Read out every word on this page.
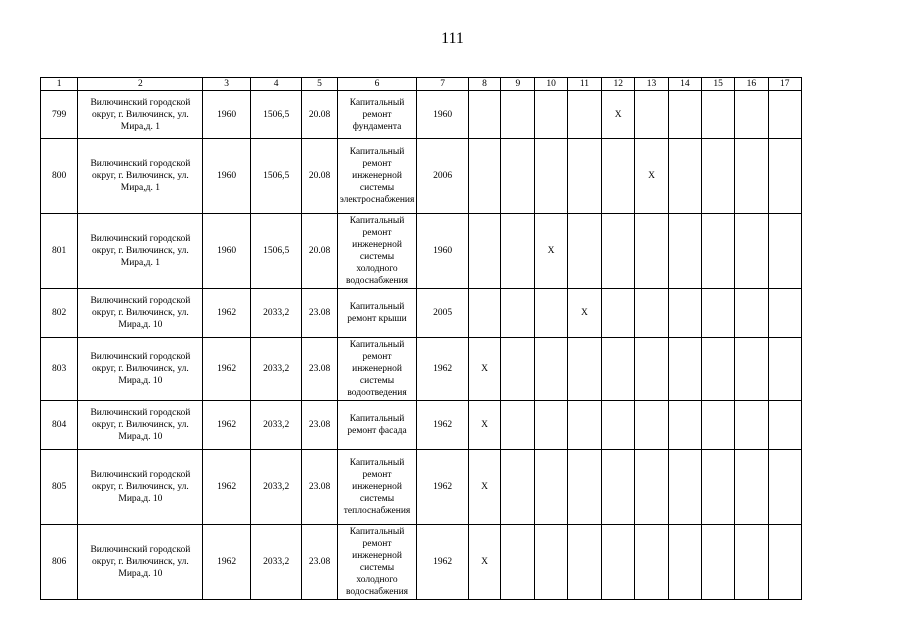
111
1	2	3	4	5	6	7	8	9	10	11	12	13	14	15	16	17
799	Вилючинский городской округ, г. Вилючинск, ул. Мира,д. 1	1960	1506,5	20.08	Капитальный ремонт фундамента	1960					X					
800	Вилючинский городской округ, г. Вилючинск, ул. Мира,д. 1	1960	1506,5	20.08	Капитальный ремонт инженерной системы электроснабжения	2006						X				
801	Вилючинский городской округ, г. Вилючинск, ул. Мира,д. 1	1960	1506,5	20.08	Капитальный ремонт инженерной системы холодного водоснабжения	1960			X							
802	Вилючинский городской округ, г. Вилючинск, ул. Мира,д. 10	1962	2033,2	23.08	Капитальный ремонт крыши	2005				X						
803	Вилючинский городской округ, г. Вилючинск, ул. Мира,д. 10	1962	2033,2	23.08	Капитальный ремонт инженерной системы водоотведения	1962	X									
804	Вилючинский городской округ, г. Вилючинск, ул. Мира,д. 10	1962	2033,2	23.08	Капитальный ремонт фасада	1962	X									
805	Вилючинский городской округ, г. Вилючинск, ул. Мира,д. 10	1962	2033,2	23.08	Капитальный ремонт инженерной системы теплоснабжения	1962	X									
806	Вилючинский городской округ, г. Вилючинск, ул. Мира,д. 10	1962	2033,2	23.08	Капитальный ремонт инженерной системы холодного водоснабжения	1962	X									
